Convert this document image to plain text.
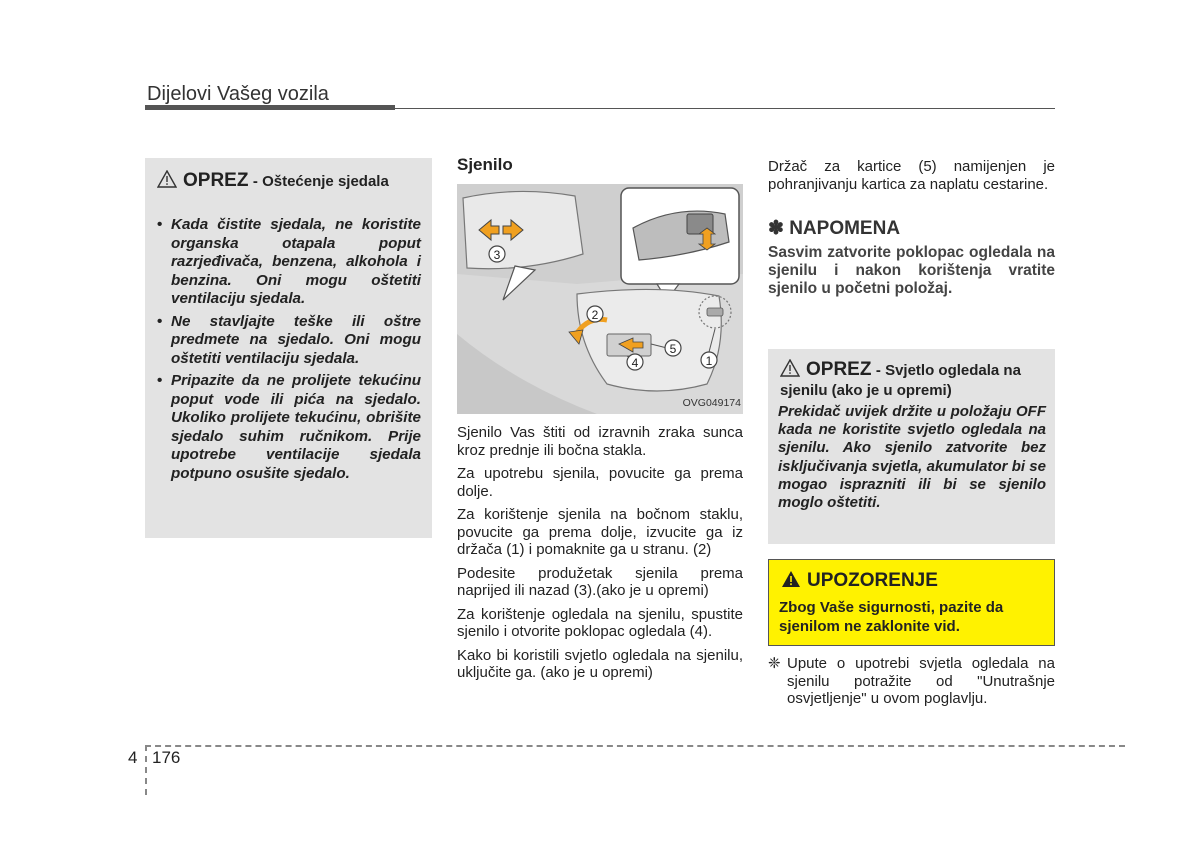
Dijelovi Vašeg vozila
OPREZ - Oštećenje sjedala
• Kada čistite sjedala, ne koristite organska otapala poput razrjeđivača, benzena, alkohola i benzina. Oni mogu oštetiti ventilaciju sjedala.
• Ne stavljajte teške ili oštre predmete na sjedalo. Oni mogu oštetiti ventilaciju sjedala.
• Pripazite da ne prolijete tekućinu poput vode ili pića na sjedalo. Ukoliko prolijete tekućinu, obrišite sjedalo suhim ručnikom. Prije upotrebe ventilacije sjedala potpuno osušite sjedalo.
Sjenilo
3
1
2
4
5
OVG049174

Sjenilo Vas štiti od izravnih zraka sunca kroz prednje ili bočna stakla.

Za upotrebu sjenila, povucite ga prema dolje.

Za korištenje sjenila na bočnom staklu, povucite ga prema dolje, izvucite ga iz držača (1) i pomaknite ga u stranu. (2)

Podesite produžetak sjenila prema naprijed ili nazad (3).(ako je u opremi)

Za korištenje ogledala na sjenilu, spustite sjenilo i otvorite poklopac ogledala (4).

Kako bi koristili svjetlo ogledala na sjenilu, uključite ga. (ako je u opremi)

Držač za kartice (5) namijenjen je pohranjivanju kartica za naplatu cestarine.
✽ NAPOMENA
Sasvim zatvorite poklopac ogledala na sjenilu i nakon korištenja vratite sjenilo u početni položaj.
OPREZ - Svjetlo ogledala na sjenilu (ako je u opremi)
Prekidač uvijek držite u položaju OFF kada ne koristite svjetlo ogledala na sjenilu. Ako sjenilo zatvorite bez isključivanja svjetla, akumulator bi se mogao isprazniti ili bi se sjenilo moglo oštetiti.
UPOZORENJE
Zbog Vaše sigurnosti, pazite da sjenilom ne zaklonite vid.
❈ Upute o upotrebi svjetla ogledala na sjenilu potražite od "Unutrašnje osvjetljenje" u ovom poglavlju.
4 176
